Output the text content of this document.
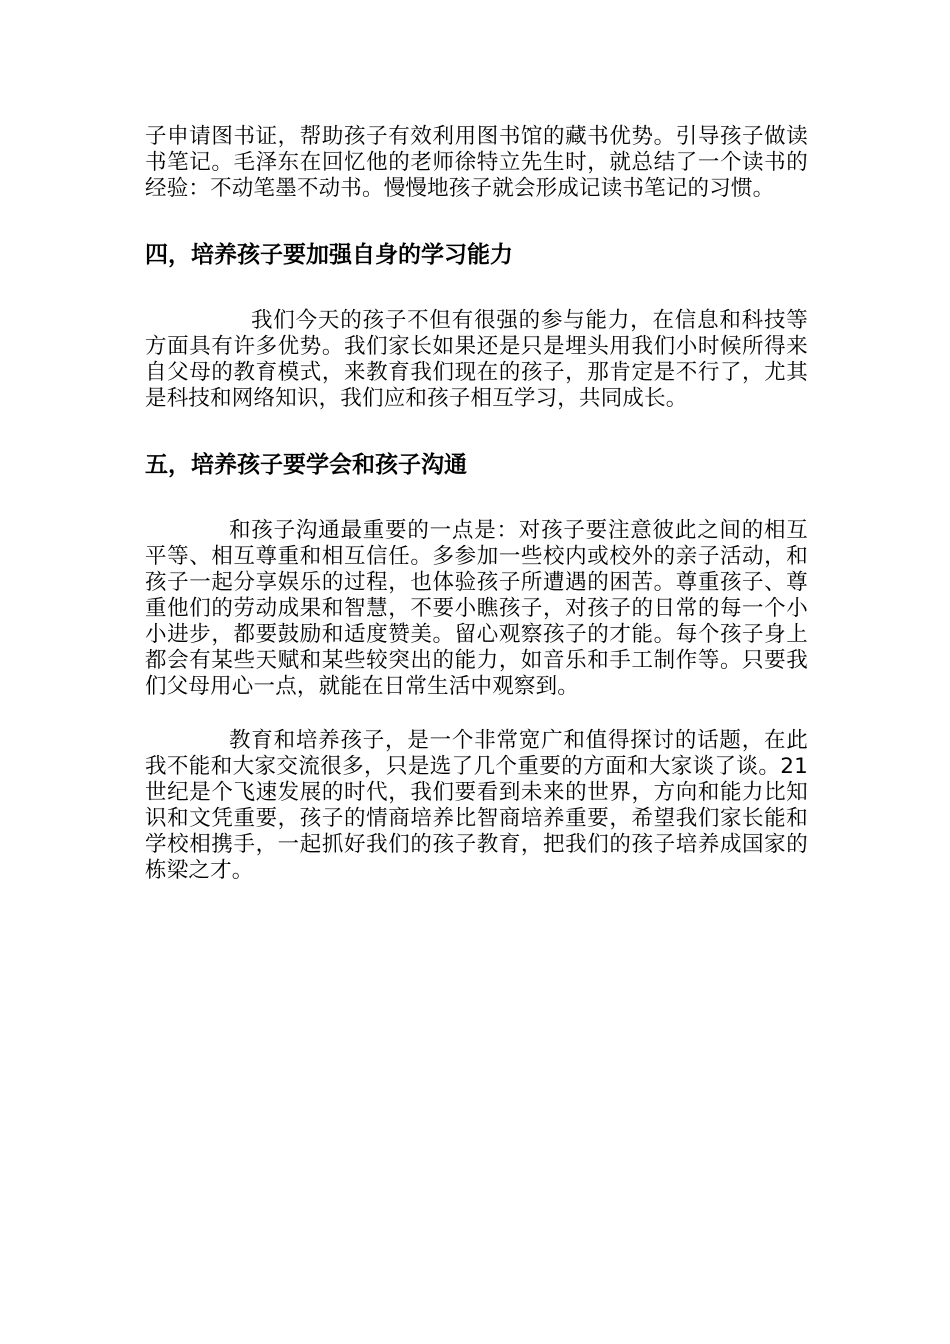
子申请图书证，帮助孩子有效利用图书馆的藏书优势。引导孩子做读书笔记。毛泽东在回忆他的老师徐特立先生时，就总结了一个读书的经验：不动笔墨不动书。慢慢地孩子就会形成记读书笔记的习惯。

四，培养孩子要加强自身的学习能力

我们今天的孩子不但有很强的参与能力，在信息和科技等方面具有许多优势。我们家长如果还是只是埋头用我们小时候所得来自父母的教育模式，来教育我们现在的孩子，那肯定是不行了，尤其是科技和网络知识，我们应和孩子相互学习，共同成长。

五，培养孩子要学会和孩子沟通

和孩子沟通最重要的一点是：对孩子要注意彼此之间的相互平等、相互尊重和相互信任。多参加一些校内或校外的亲子活动，和孩子一起分享娱乐的过程，也体验孩子所遭遇的困苦。尊重孩子、尊重他们的劳动成果和智慧，不要小瞧孩子，对孩子的日常的每一个小小进步，都要鼓励和适度赞美。留心观察孩子的才能。每个孩子身上都会有某些天赋和某些较突出的能力，如音乐和手工制作等。只要我们父母用心一点，就能在日常生活中观察到。

教育和培养孩子，是一个非常宽广和值得探讨的话题，在此我不能和大家交流很多，只是选了几个重要的方面和大家谈了谈。21 世纪是个飞速发展的时代，我们要看到未来的世界，方向和能力比知识和文凭重要，孩子的情商培养比智商培养重要，希望我们家长能和学校相携手，一起抓好我们的孩子教育，把我们的孩子培养成国家的栋梁之才。
